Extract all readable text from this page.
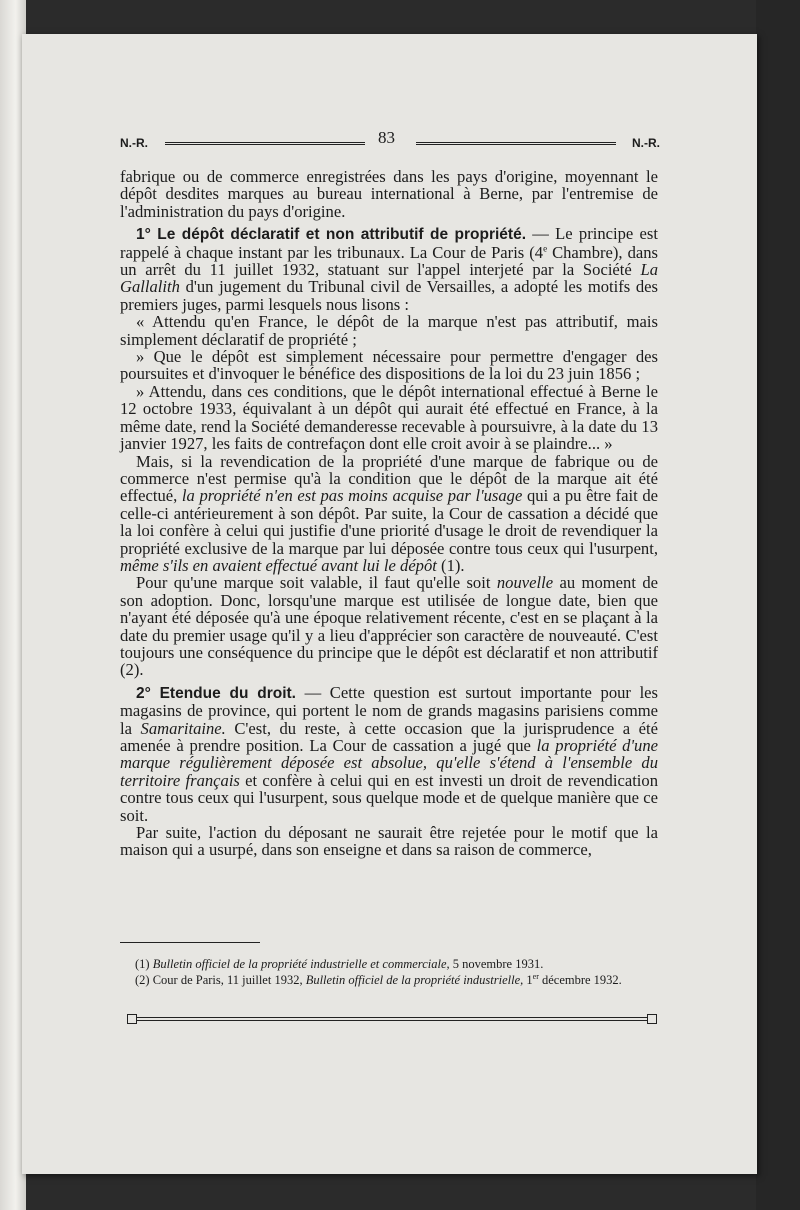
N.-R.	83	N.-R.

fabrique ou de commerce enregistrées dans les pays d'origine, moyennant le dépôt desdites marques au bureau international à Berne, par l'entremise de l'administration du pays d'origine.

1° Le dépôt déclaratif et non attributif de propriété. — Le principe est rappelé à chaque instant par les tribunaux. La Cour de Paris (4e Chambre), dans un arrêt du 11 juillet 1932, statuant sur l'appel interjeté par la Société La Gallalith d'un jugement du Tribunal civil de Versailles, a adopté les motifs des premiers juges, parmi lesquels nous lisons :

« Attendu qu'en France, le dépôt de la marque n'est pas attributif, mais simplement déclaratif de propriété ;

» Que le dépôt est simplement nécessaire pour permettre d'engager des poursuites et d'invoquer le bénéfice des dispositions de la loi du 23 juin 1856 ;

» Attendu, dans ces conditions, que le dépôt international effectué à Berne le 12 octobre 1933, équivalant à un dépôt qui aurait été effectué en France, à la même date, rend la Société demanderesse recevable à poursuivre, à la date du 13 janvier 1927, les faits de contrefaçon dont elle croit avoir à se plaindre... »

Mais, si la revendication de la propriété d'une marque de fabrique ou de commerce n'est permise qu'à la condition que le dépôt de la marque ait été effectué, la propriété n'en est pas moins acquise par l'usage qui a pu être fait de celle-ci antérieurement à son dépôt. Par suite, la Cour de cassation a décidé que la loi confère à celui qui justifie d'une priorité d'usage le droit de revendiquer la propriété exclusive de la marque par lui déposée contre tous ceux qui l'usurpent, même s'ils en avaient effectué avant lui le dépôt (1).

Pour qu'une marque soit valable, il faut qu'elle soit nouvelle au moment de son adoption. Donc, lorsqu'une marque est utilisée de longue date, bien que n'ayant été déposée qu'à une époque relativement récente, c'est en se plaçant à la date du premier usage qu'il y a lieu d'apprécier son caractère de nouveauté. C'est toujours une conséquence du principe que le dépôt est déclaratif et non attributif (2).

2° Etendue du droit. — Cette question est surtout importante pour les magasins de province, qui portent le nom de grands magasins parisiens comme la Samaritaine. C'est, du reste, à cette occasion que la jurisprudence a été amenée à prendre position. La Cour de cassation a jugé que la propriété d'une marque régulièrement déposée est absolue, qu'elle s'étend à l'ensemble du territoire français et confère à celui qui en est investi un droit de revendication contre tous ceux qui l'usurpent, sous quelque mode et de quelque manière que ce soit.

Par suite, l'action du déposant ne saurait être rejetée pour le motif que la maison qui a usurpé, dans son enseigne et dans sa raison de commerce,

(1) Bulletin officiel de la propriété industrielle et commerciale, 5 novembre 1931.

(2) Cour de Paris, 11 juillet 1932, Bulletin officiel de la propriété industrielle, 1er décembre 1932.
